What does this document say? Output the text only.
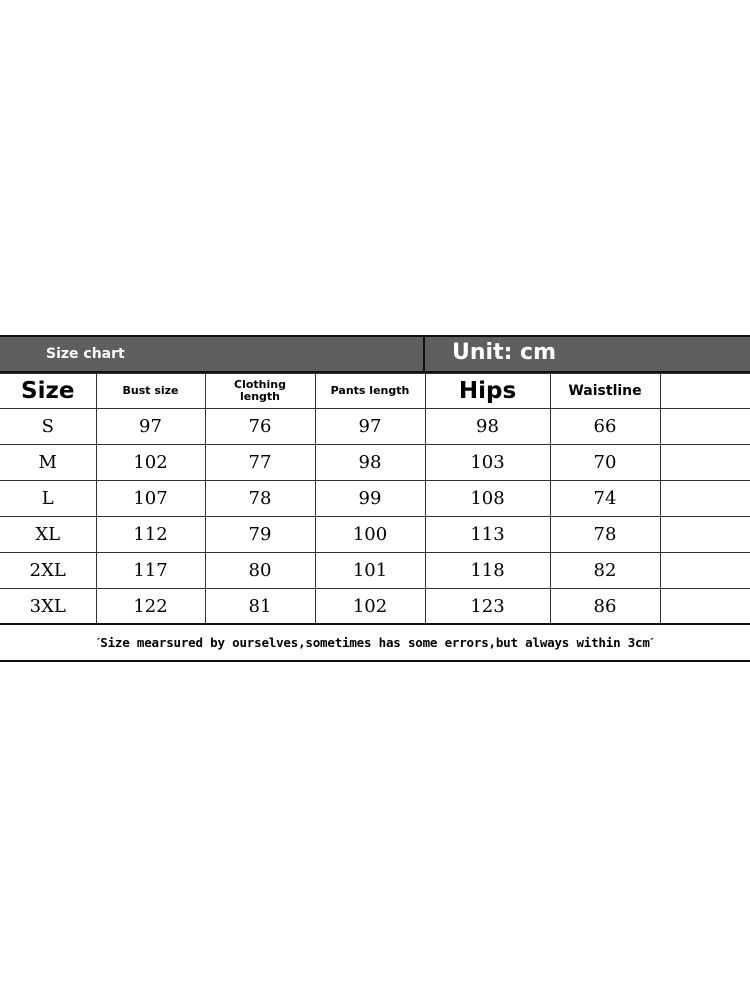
Size chart	Unit: cm
Size	Bust size	Clothing length	Pants length	Hips	Waistline	
S	97	76	97	98	66	
M	102	77	98	103	70	
L	107	78	99	108	74	
XL	112	79	100	113	78	
2XL	117	80	101	118	82	
3XL	122	81	102	123	86	
ˊSize mearsured by ourselves,sometimes has some errors,but always within 3cmˊ
